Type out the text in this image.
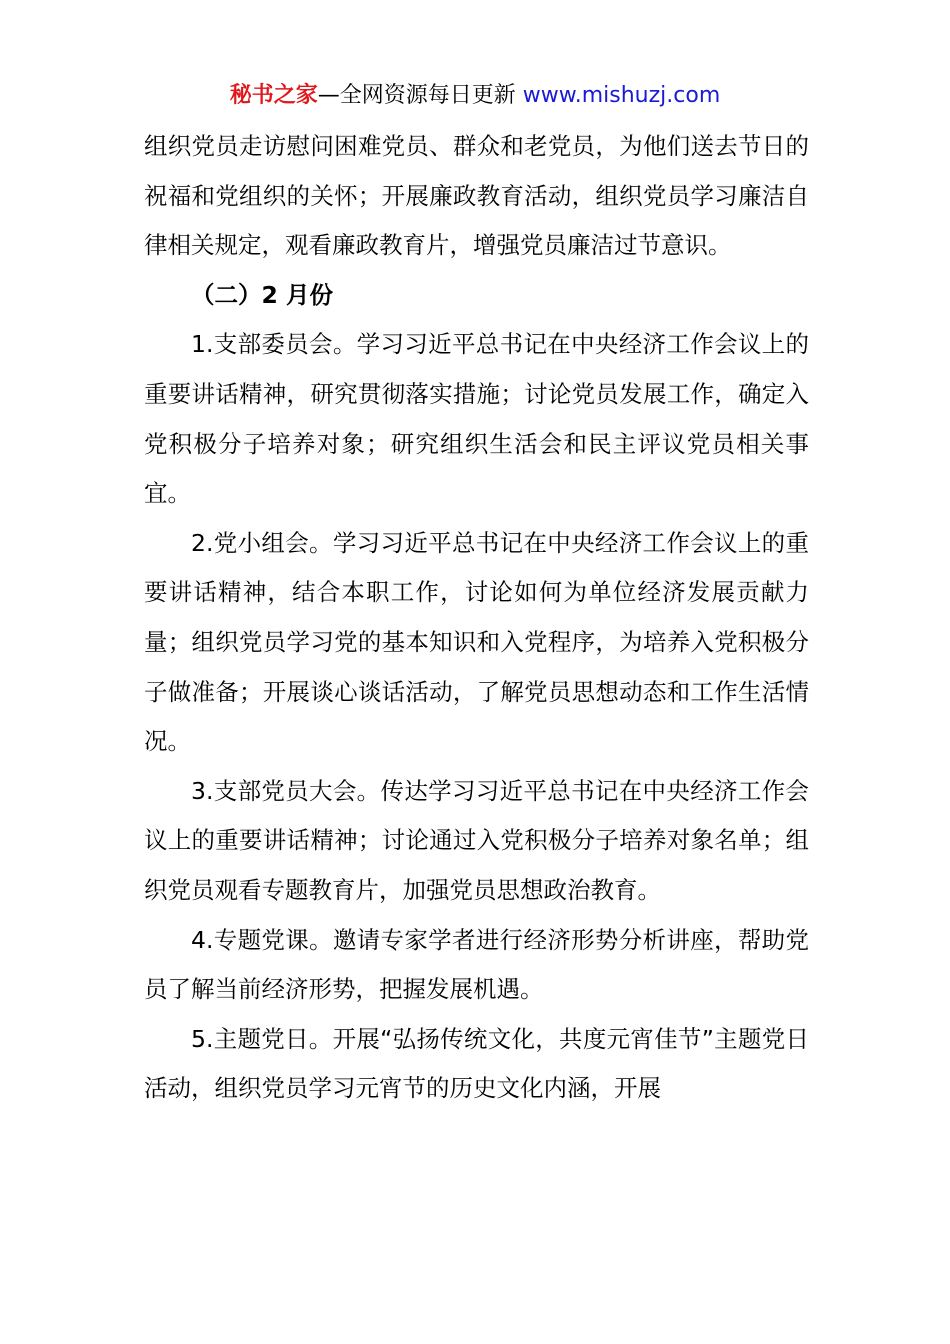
秘书之家—全网资源每日更新 www.mishuzj.com

组织党员走访慰问困难党员、群众和老党员，为他们送去节日的祝福和党组织的关怀；开展廉政教育活动，组织党员学习廉洁自律相关规定，观看廉政教育片，增强党员廉洁过节意识。

（二）2 月份

1.支部委员会。学习习近平总书记在中央经济工作会议上的重要讲话精神，研究贯彻落实措施；讨论党员发展工作，确定入党积极分子培养对象；研究组织生活会和民主评议党员相关事宜。

2.党小组会。学习习近平总书记在中央经济工作会议上的重要讲话精神，结合本职工作，讨论如何为单位经济发展贡献力量；组织党员学习党的基本知识和入党程序，为培养入党积极分子做准备；开展谈心谈话活动，了解党员思想动态和工作生活情况。

3.支部党员大会。传达学习习近平总书记在中央经济工作会议上的重要讲话精神；讨论通过入党积极分子培养对象名单；组织党员观看专题教育片，加强党员思想政治教育。

4.专题党课。邀请专家学者进行经济形势分析讲座，帮助党员了解当前经济形势，把握发展机遇。

5.主题党日。开展“弘扬传统文化，共度元宵佳节”主题党日活动，组织党员学习元宵节的历史文化内涵，开展
